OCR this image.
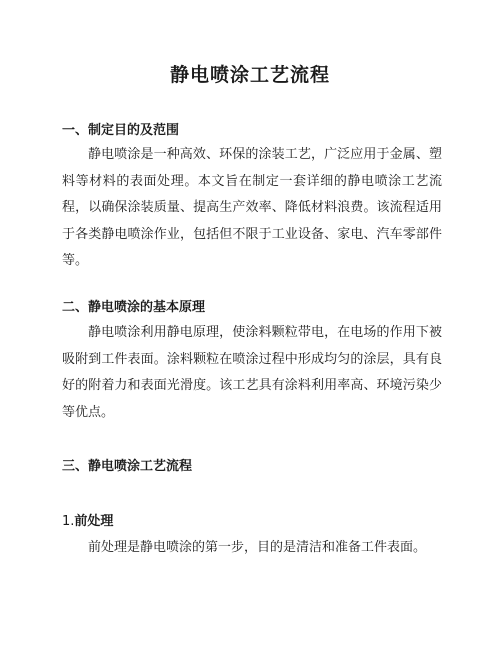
静电喷涂工艺流程
一、制定目的及范围

静电喷涂是一种高效、环保的涂装工艺，广泛应用于金属、塑料等材料的表面处理。本文旨在制定一套详细的静电喷涂工艺流程，以确保涂装质量、提高生产效率、降低材料浪费。该流程适用于各类静电喷涂作业，包括但不限于工业设备、家电、汽车零部件等。

二、静电喷涂的基本原理

静电喷涂利用静电原理，使涂料颗粒带电，在电场的作用下被吸附到工件表面。涂料颗粒在喷涂过程中形成均匀的涂层，具有良好的附着力和表面光滑度。该工艺具有涂料利用率高、环境污染少等优点。

三、静电喷涂工艺流程
1.前处理

前处理是静电喷涂的第一步，目的是清洁和准备工件表面。
